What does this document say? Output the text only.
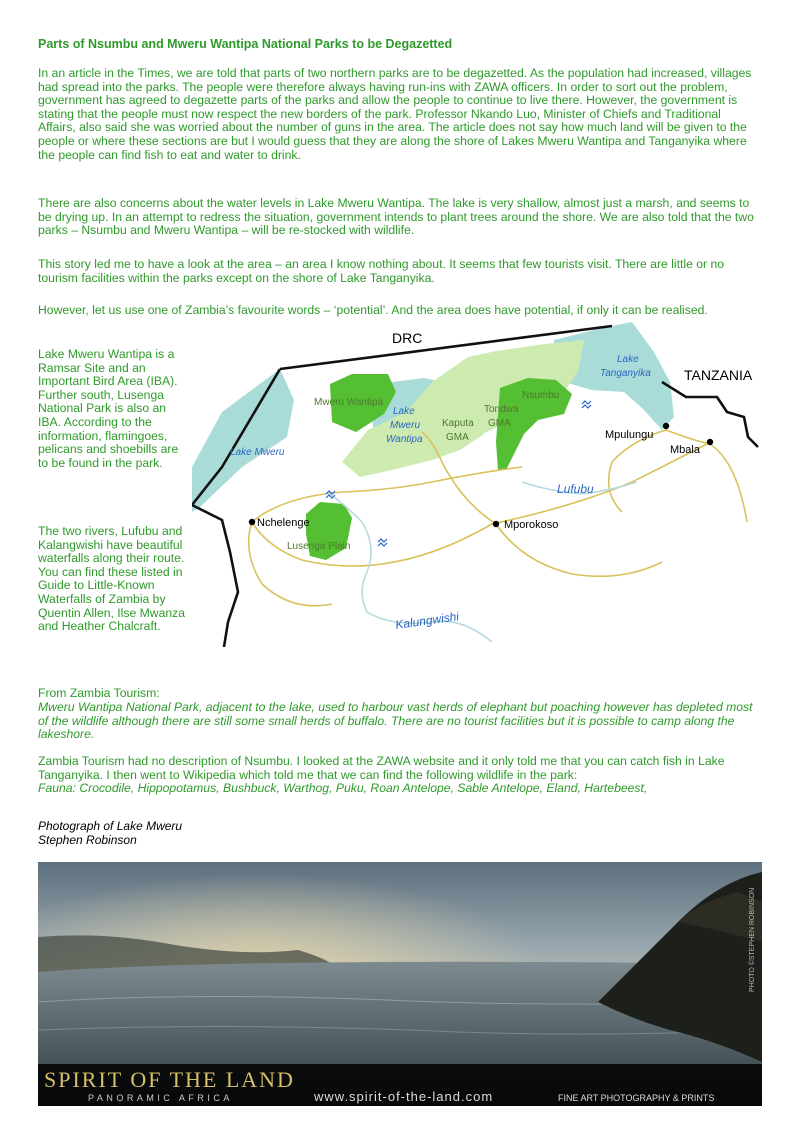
Parts of Nsumbu and Mweru Wantipa National Parks to be Degazetted

In an article in the Times, we are told that parts of two northern parks are to be degazetted. As the population had increased, villages had spread into the parks. The people were therefore always having run-ins with ZAWA officers. In order to sort out the problem, government has agreed to degazette parts of the parks and allow the people to continue to live there. However, the government is stating that the people must now respect the new borders of the park. Professor Nkando Luo, Minister of Chiefs and Traditional Affairs, also said she was worried about the number of guns in the area. The article does not say how much land will be given to the people or where these sections are but I would guess that they are along the shore of Lakes Mweru Wantipa and Tanganyika where the people can find fish to eat and water to drink.

There are also concerns about the water levels in Lake Mweru Wantipa. The lake is very shallow, almost just a marsh, and seems to be drying up. In an attempt to redress the situation, government intends to plant trees around the shore. We are also told that the two parks – Nsumbu and Mweru Wantipa – will be re-stocked with wildlife.

This story led me to have a look at the area – an area I know nothing about. It seems that few tourists visit. There are little or no tourism facilities within the parks except on the shore of Lake Tanganyika.

However, let us use one of Zambia’s favourite words – ‘potential’. And the area does have potential, if only it can be realised.

Lake Mweru Wantipa is a Ramsar Site and an Important Bird Area (IBA). Further south, Lusenga National Park is also an IBA. According to the information, flamingoes, pelicans and shoebills are to be found in the park.

The two rivers, Lufubu and Kalangwishi have beautiful waterfalls along their route. You can find these listed in Guide to Little-Known Waterfalls of Zambia by Quentin Allen, Ilse Mwanza and Heather Chalcraft.

DRC
TANZANIA
Lake Mweru
Lake Mweru Wantipa
Lake Tanganyika
Mweru Wantipa
Kaputa GMA
Tondwa GMA
Nsumbu
Mpulungu
Mbala
Lufubu
Nchelenge	Mporokoso
Lusenga Plain
Kalungwishi
From Zambia Tourism:

Mweru Wantipa National Park, adjacent to the lake, used to harbour vast herds of elephant but poaching however has depleted most of the wildlife although there are still some small herds of buffalo. There are no tourist facilities but it is possible to camp along the lakeshore.

Zambia Tourism had no description of Nsumbu. I looked at the ZAWA website and it only told me that you can catch fish in Lake Tanganyika. I then went to Wikipedia which told me that we can find the following wildlife in the park:

Fauna: Crocodile, Hippopotamus, Bushbuck, Warthog, Puku, Roan Antelope, Sable Antelope, Eland, Hartebeest,

Photograph of Lake Mweru
Stephen Robinson
SPIRIT OF THE LAND
PANORAMIC AFRICA	www.spirit-of-the-land.com	FINE ART PHOTOGRAPHY & PRINTS
PHOTO ©STEPHEN ROBINSON
